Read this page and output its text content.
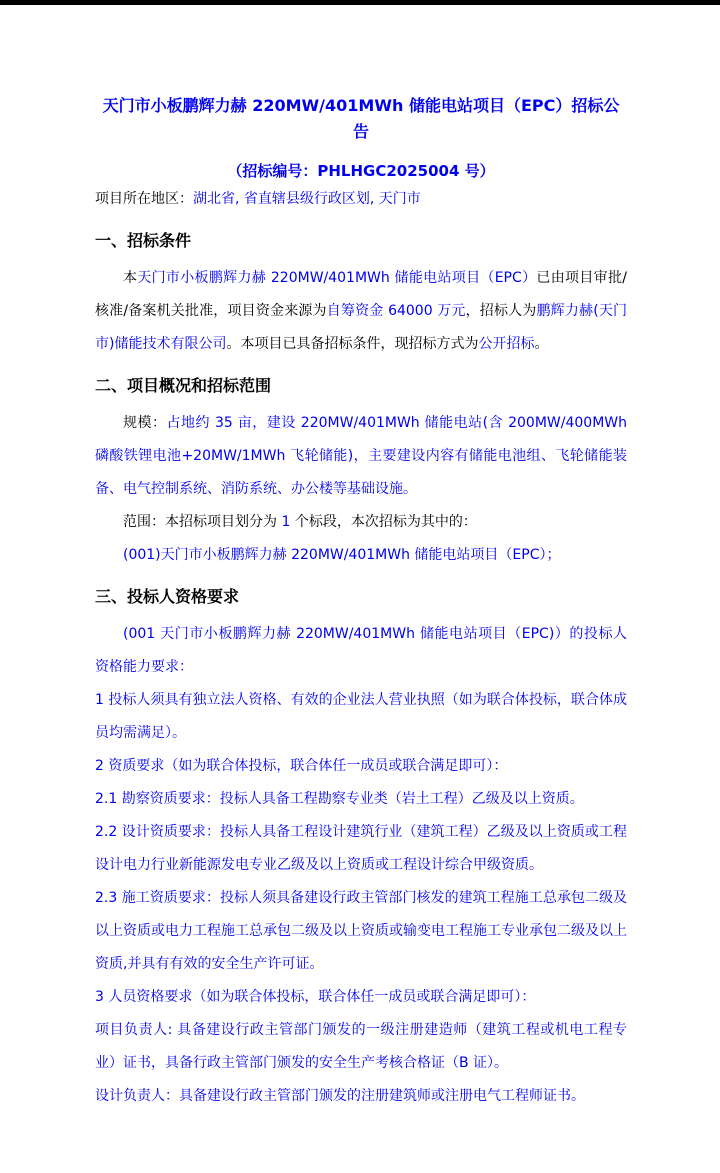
天门市小板鹏辉力赫 220MW/401MWh 储能电站项目（EPC）招标公告
（招标编号：PHLHGC2025004 号）

项目所在地区：湖北省, 省直辖县级行政区划, 天门市

一、招标条件

本天门市小板鹏辉力赫 220MW/401MWh 储能电站项目（EPC）已由项目审批/核准/备案机关批准，项目资金来源为自筹资金 64000 万元，招标人为鹏辉力赫(天门市)储能技术有限公司。本项目已具备招标条件，现招标方式为公开招标。

二、项目概况和招标范围

规模：占地约 35 亩，建设 220MW/401MWh 储能电站(含 200MW/400MWh 磷酸铁锂电池+20MW/1MWh 飞轮储能)，主要建设内容有储能电池组、飞轮储能装备、电气控制系统、消防系统、办公楼等基础设施。

范围：本招标项目划分为 1 个标段，本次招标为其中的：

(001)天门市小板鹏辉力赫 220MW/401MWh 储能电站项目（EPC）；

三、投标人资格要求

(001 天门市小板鹏辉力赫 220MW/401MWh 储能电站项目（EPC)）的投标人资格能力要求：

1 投标人须具有独立法人资格、有效的企业法人营业执照（如为联合体投标，联合体成员均需满足）。

2 资质要求（如为联合体投标，联合体任一成员或联合满足即可）：

2.1 勘察资质要求：投标人具备工程勘察专业类（岩土工程）乙级及以上资质。

2.2 设计资质要求：投标人具备工程设计建筑行业（建筑工程）乙级及以上资质或工程设计电力行业新能源发电专业乙级及以上资质或工程设计综合甲级资质。

2.3 施工资质要求：投标人须具备建设行政主管部门核发的建筑工程施工总承包二级及以上资质或电力工程施工总承包二级及以上资质或输变电工程施工专业承包二级及以上资质,并具有有效的安全生产许可证。

3 人员资格要求（如为联合体投标，联合体任一成员或联合满足即可）：

项目负责人: 具备建设行政主管部门颁发的一级注册建造师（建筑工程或机电工程专业）证书，具备行政主管部门颁发的安全生产考核合格证（B 证）。

设计负责人：具备建设行政主管部门颁发的注册建筑师或注册电气工程师证书。
